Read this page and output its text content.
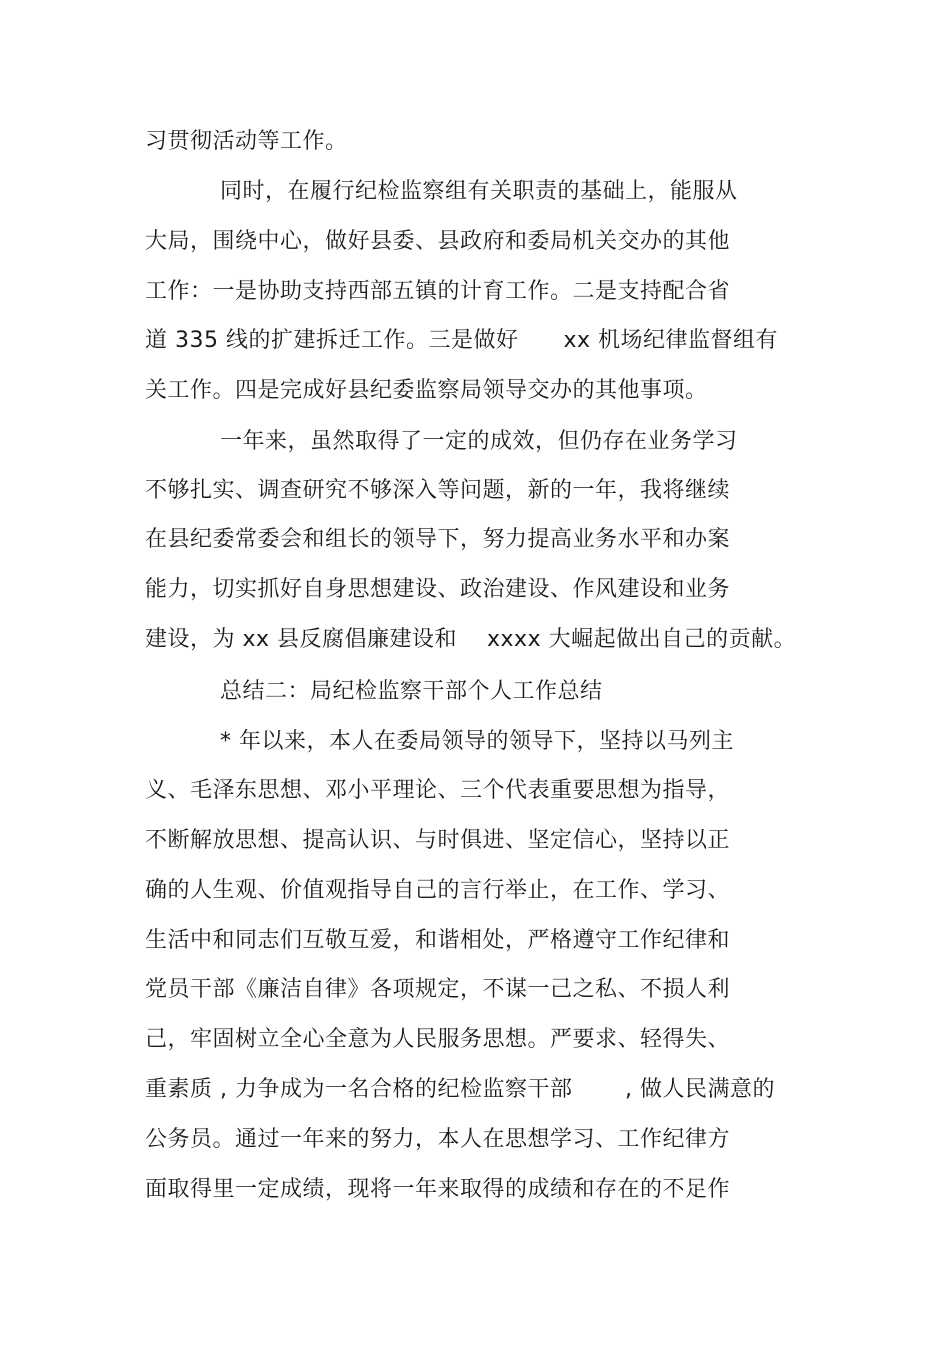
习贯彻活动等工作。
同时，在履行纪检监察组有关职责的基础上，能服从
大局，围绕中心，做好县委、县政府和委局机关交办的其他
工作：一是协助支持西部五镇的计育工作。二是支持配合省
道 335 线的扩建拆迁工作。三是做好　　xx 机场纪律监督组有
关工作。四是完成好县纪委监察局领导交办的其他事项。
一年来，虽然取得了一定的成效，但仍存在业务学习
不够扎实、调查研究不够深入等问题，新的一年，我将继续
在县纪委常委会和组长的领导下，努力提高业务水平和办案
能力，切实抓好自身思想建设、政治建设、作风建设和业务
建设，为 xx 县反腐倡廉建设和　 xxxx 大崛起做出自己的贡献。
总结二：局纪检监察干部个人工作总结
* 年以来，本人在委局领导的领导下，坚持以马列主
义、毛泽东思想、邓小平理论、三个代表重要思想为指导，
不断解放思想、提高认识、与时俱进、坚定信心，坚持以正
确的人生观、价值观指导自己的言行举止，在工作、学习、
生活中和同志们互敬互爱，和谐相处，严格遵守工作纪律和
党员干部《廉洁自律》各项规定，不谋一己之私、不损人利
己，牢固树立全心全意为人民服务思想。严要求、轻得失、
重素质 , 力争成为一名合格的纪检监察干部　　 , 做人民满意的
公务员。通过一年来的努力，本人在思想学习、工作纪律方
面取得里一定成绩，现将一年来取得的成绩和存在的不足作
